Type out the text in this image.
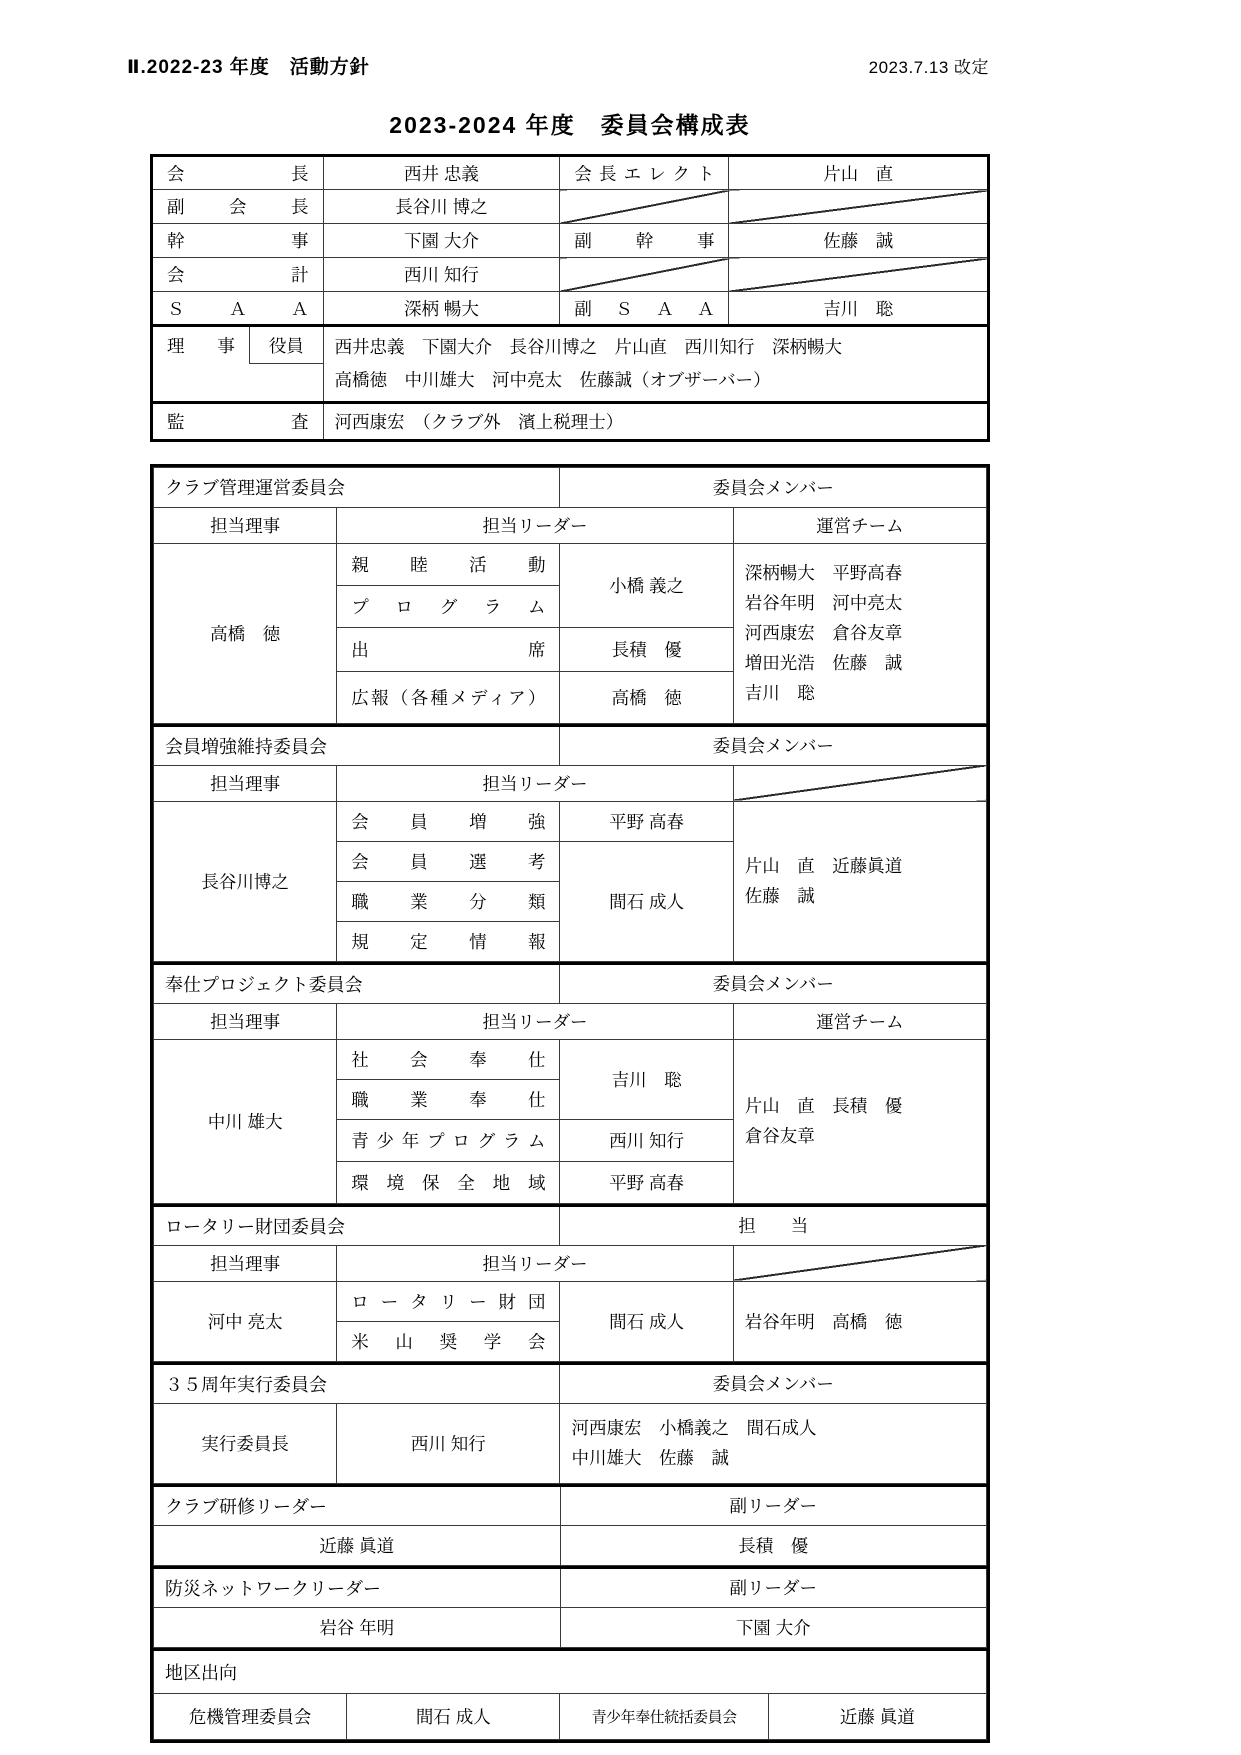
Ⅱ.2022-23 年度　活動方針	2023.7.13 改定
2023-2024 年度　委員会構成表
会長		西井 忠義	会長エレクト	片山　直
副会長		長谷川 博之		
幹事		下園 大介	副幹事	佐藤　誠
会計		西川 知行		
ＳＡＡ		深柄 暢大	副ＳＡＡ	吉川　聡
理事	役員	西井忠義　下園大介　長谷川博之　片山直　西川知行　深柄暢大
高橋徳　中川雄大　河中亮太　佐藤誠（オブザーバー）		

監査		河西康宏　（クラブ外　濱上税理士）		
クラブ管理運営委員会		委員会メンバー	
担当理事	担当リーダー		運営チーム
高橋　徳	親睦活動	小橋 義之	深柄暢大　平野高春
岩谷年明　河中亮太
河西康宏　倉谷友章
増田光浩　佐藤　誠
吉川　聡

	プログラム		
	出席	長積　優	
	広報（各種メディア）	高橋　徳	
会員増強維持委員会		委員会メンバー	
担当理事	担当リーダー		
長谷川博之	会員増強	平野 高春	片山　直　近藤眞道
佐藤　誠

	会員選考	間石 成人	
	職業分類		
	規定情報		
奉仕プロジェクト委員会		委員会メンバー	
担当理事	担当リーダー		運営チーム
中川 雄大	社会奉仕	吉川　聡	片山　直　長積　優
倉谷友章

	職業奉仕		
	青少年プログラム	西川 知行	
	環境保全地域	平野 高春	
ロータリー財団委員会		担　　当	
担当理事	担当リーダー		
河中 亮太	ロータリー財団	間石 成人	岩谷年明　高橋　徳
	米山奨学会		
３５周年実行委員会		委員会メンバー
実行委員長	西川 知行	河西康宏　小橋義之　間石成人
中川雄大　佐藤　誠
クラブ研修リーダー	副リーダー
近藤 眞道	長積　優
防災ネットワークリーダー	副リーダー
岩谷 年明	下園 大介
地区出向
危機管理委員会	間石 成人	青少年奉仕統括委員会	近藤 眞道
